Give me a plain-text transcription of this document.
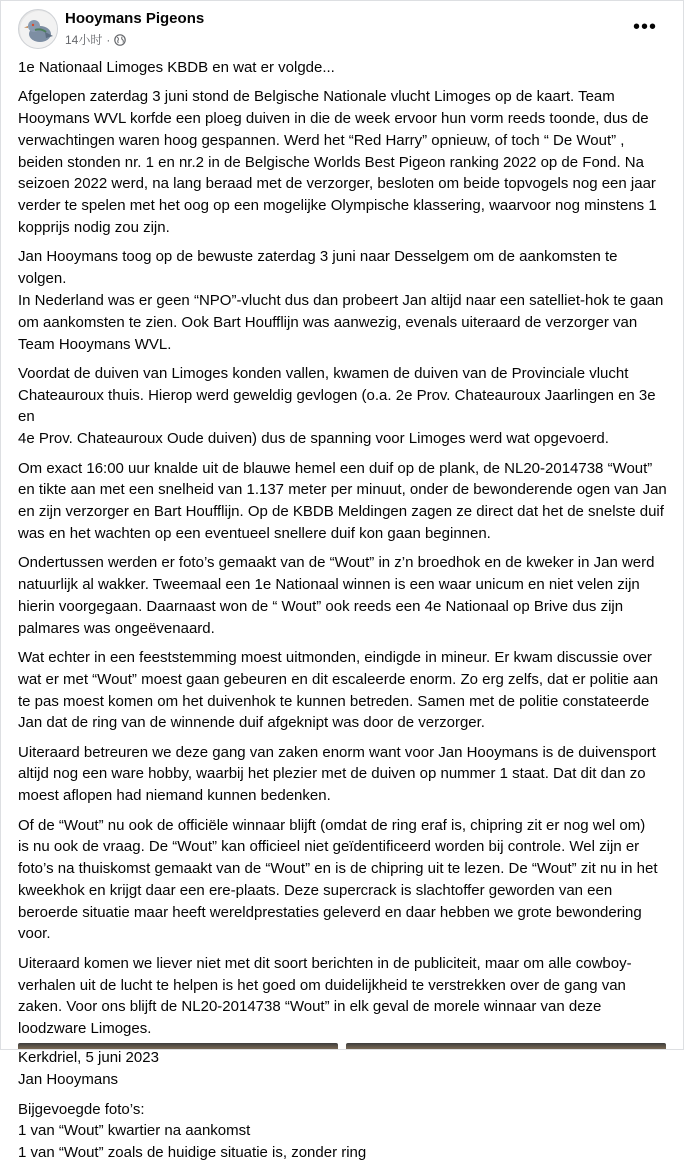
Hooymans Pigeons
14小时 ·
•••

1e Nationaal Limoges KBDB en wat er volgde...

Afgelopen zaterdag 3 juni stond de Belgische Nationale vlucht Limoges op de kaart. Team
Hooymans WVL korfde een ploeg duiven in die de week ervoor hun vorm reeds toonde, dus de
verwachtingen waren hoog gespannen. Werd het “Red Harry” opnieuw, of toch “ De Wout” ,
beiden stonden nr. 1 en nr.2 in de Belgische Worlds Best Pigeon ranking 2022 op de Fond. Na
seizoen 2022 werd, na lang beraad met de verzorger, besloten om beide topvogels nog een jaar
verder te spelen met het oog op een mogelijke Olympische klassering, waarvoor nog minstens 1
kopprijs nodig zou zijn.

Jan Hooymans toog op de bewuste zaterdag 3 juni naar Desselgem om de aankomsten te volgen.
In Nederland was er geen “NPO”-vlucht dus dan probeert Jan altijd naar een satelliet-hok te gaan
om aankomsten te zien. Ook Bart Houfflijn was aanwezig, evenals uiteraard de verzorger van
Team Hooymans WVL.

Voordat de duiven van Limoges konden vallen, kwamen de duiven van de Provinciale vlucht
Chateauroux thuis. Hierop werd geweldig gevlogen (o.a. 2e Prov. Chateauroux Jaarlingen en 3e en
4e Prov. Chateauroux Oude duiven) dus de spanning voor Limoges werd wat opgevoerd.

Om exact 16:00 uur knalde uit de blauwe hemel een duif op de plank, de NL20-2014738 “Wout”
en tikte aan met een snelheid van 1.137 meter per minuut, onder de bewonderende ogen van Jan
en zijn verzorger en Bart Houfflijn. Op de KBDB Meldingen zagen ze direct dat het de snelste duif
was en het wachten op een eventueel snellere duif kon gaan beginnen.

Ondertussen werden er foto’s gemaakt van de “Wout” in z’n broedhok en de kweker in Jan werd
natuurlijk al wakker. Tweemaal een 1e Nationaal winnen is een waar unicum en niet velen zijn
hierin voorgegaan. Daarnaast won de “ Wout” ook reeds een 4e Nationaal op Brive dus zijn
palmares was ongeëvenaard.

Wat echter in een feeststemming moest uitmonden, eindigde in mineur. Er kwam discussie over
wat er met “Wout” moest gaan gebeuren en dit escaleerde enorm. Zo erg zelfs, dat er politie aan
te pas moest komen om het duivenhok te kunnen betreden. Samen met de politie constateerde
Jan dat de ring van de winnende duif afgeknipt was door de verzorger.

Uiteraard betreuren we deze gang van zaken enorm want voor Jan Hooymans is de duivensport
altijd nog een ware hobby, waarbij het plezier met de duiven op nummer 1 staat. Dat dit dan zo
moest aflopen had niemand kunnen bedenken.

Of de “Wout” nu ook de officiële winnaar blijft (omdat de ring eraf is, chipring zit er nog wel om)
is nu ook de vraag. De “Wout” kan officieel niet geïdentificeerd worden bij controle. Wel zijn er
foto’s na thuiskomst gemaakt van de “Wout” en is de chipring uit te lezen. De “Wout” zit nu in het
kweekhok en krijgt daar een ere-plaats. Deze supercrack is slachtoffer geworden van een
beroerde situatie maar heeft wereldprestaties geleverd en daar hebben we grote bewondering
voor.

Uiteraard komen we liever niet met dit soort berichten in de publiciteit, maar om alle cowboy-
verhalen uit de lucht te helpen is het goed om duidelijkheid te verstrekken over de gang van
zaken. Voor ons blijft de NL20-2014738 “Wout” in elk geval de morele winnaar van deze
loodzware Limoges.

Kerkdriel, 5 juni 2023
Jan Hooymans

Bijgevoegde foto’s:
1 van “Wout” kwartier na aankomst
1 van “Wout” zoals de huidige situatie is, zonder ring
